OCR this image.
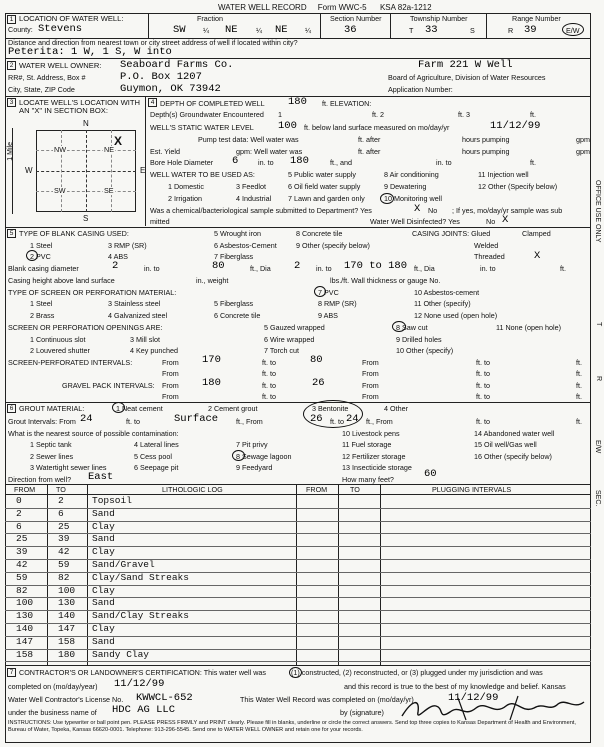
WATER WELL RECORD Form WWC-5 KSA 82a-1212
1 LOCATION OF WATER WELL:
County: Stevens
Fraction
SW ¼ NE	¼ NE ¼
Section Number
36
Township Number
T 33	S
Range Number
R 39	E/W
Distance and direction from nearest town or city street address of well if located within city?
Peterita: 1 W, 1 S, W into
2 WATER WELL OWNER: Seaboard Farms Co.	Farm 221 W Well
RR#, St. Address, Box #	P.O. Box 1207	Board of Agriculture, Division of Water Resources
City, State, ZIP Code	Guymon, OK 73942	Application Number:
3 LOCATE WELL'S LOCATION WITH
AN "X" IN SECTION BOX:
N
S
W	E
1 Mile	NW	NE
SW	SE
X
4 DEPTH OF COMPLETED WELL 180 ft. ELEVATION:
Depth(s) Groundwater Encountered 1	ft. 2	ft. 3	ft.
WELL'S STATIC WATER LEVEL 100 ft. below land surface measured on mo/day/yr	11/12/99
Pump test data: Well water was	ft. after	hours pumping	gpm
Est. Yield	gpm: Well water was	ft. after	hours pumping	gpm
Bore Hole Diameter 6	in. to 180	ft., and	in. to	ft.
WELL WATER TO BE USED AS:	5 Public water supply	8 Air conditioning	11 Injection well
1 Domestic	3 Feedlot	6 Oil field water supply	9 Dewatering	12 Other (Specify below)
2 Irrigation	4 Industrial 7 Lawn and garden only	10 Monitoring well
Was a chemical/bacteriological sample submitted to Department? Yes	No
X	; If yes, mo/day/yr sample was sub
mitted	Water Well Disinfected? Yes	No X
5 TYPE OF BLANK CASING USED:	5 Wrought iron	8 Concrete tile	CASING JOINTS: Glued	Clamped
1 Steel	3 RMP (SR)	6 Asbestos-Cement	9 Other (specify below)	Welded
2 PVC	4 ABS	7 Fiberglass	Threaded	X
Blank casing diameter	2	in. to	80	ft., Dia 2 in. to 170 to 180 ft., Dia	in. to	ft.
Casing height above land surface	in., weight	lbs./ft. Wall thickness or gauge No.
TYPE OF SCREEN OR PERFORATION MATERIAL:	7 PVC	10 Asbestos-cement
1 Steel	3 Stainless steel	5 Fiberglass	8 RMP (SR)	11 Other (specify)
2 Brass	4 Galvanized steel	6 Concrete tile	9 ABS	12 None used (open hole)
SCREEN OR PERFORATION OPENINGS ARE:	5 Gauzed wrapped	8 Saw cut	11 None (open hole)
1 Continuous slot	3 Mill slot	6 Wire wrapped	9 Drilled holes
2 Louvered shutter	4 Key punched	7 Torch cut	10 Other (specify)
SCREEN-PERFORATED INTERVALS:	From 170	ft. to	80	From	ft. to	ft.
From	ft. to	From	ft. to	ft.
GRAVEL PACK INTERVALS: From 180	ft. to	26	From	ft. to	ft.
From	ft. to	From	ft. to	ft.
6 GROUT MATERIAL:	1 Neat cement	2 Cement grout	3 Bentonite	4 Other
Grout Intervals: From 24	ft. to	Surface ft., From	26 ft. to 24 ft., From	ft. to	ft.
What is the nearest source of possible contamination:	10 Livestock pens	14 Abandoned water well
1 Septic tank	4 Lateral lines	7 Pit privy	11 Fuel storage	15 Oil well/Gas well
2 Sewer lines	5 Cess pool	8 Sewage lagoon	12 Fertilizer storage	16 Other (specify below)
3 Watertight sewer lines	6 Seepage pit	9 Feedyard	13 Insecticide storage
Direction from well? East	How many feet?	60
FROM	TO	LITHOLOGIC LOG	FROM	TO	PLUGGING INTERVALS
0	2	Topsoil
2	6	Sand
6	25 Clay
25	39 Sand
39	42 Clay
42	59 Sand/Gravel
59	82 Clay/Sand Streaks
82	100 Clay
100	130 Sand
130	140 Sand/Clay Streaks
140	147 Clay
147	158 Sand
158	180 Sandy Clay
7 CONTRACTOR'S OR LANDOWNER'S CERTIFICATION: This water well was	(1) constructed, (2) reconstructed, or (3) plugged under my jurisdiction and was
completed on (mo/day/year) 11/12/99	and this record is true to the best of my knowledge and belief. Kansas
Water Well Contractor's License No. KWWCL-652	This Water Well Record was completed on (mo/day/yr)	11/12/99
under the business name of HDC AG LLC	by (signature)
INSTRUCTIONS: Use typewriter or ball point pen. PLEASE PRESS FIRMLY and PRINT clearly. Please fill in blanks, underline or circle the correct answers. Send top three copies to Kansas Department of Health and Environment, Bureau of Water, Topeka, Kansas 66620-0001. Telephone: 913-296-5545. Send one to WATER WELL OWNER and retain one for your records.
OFFICE USE ONLY
T
R
E/W
SEC.
